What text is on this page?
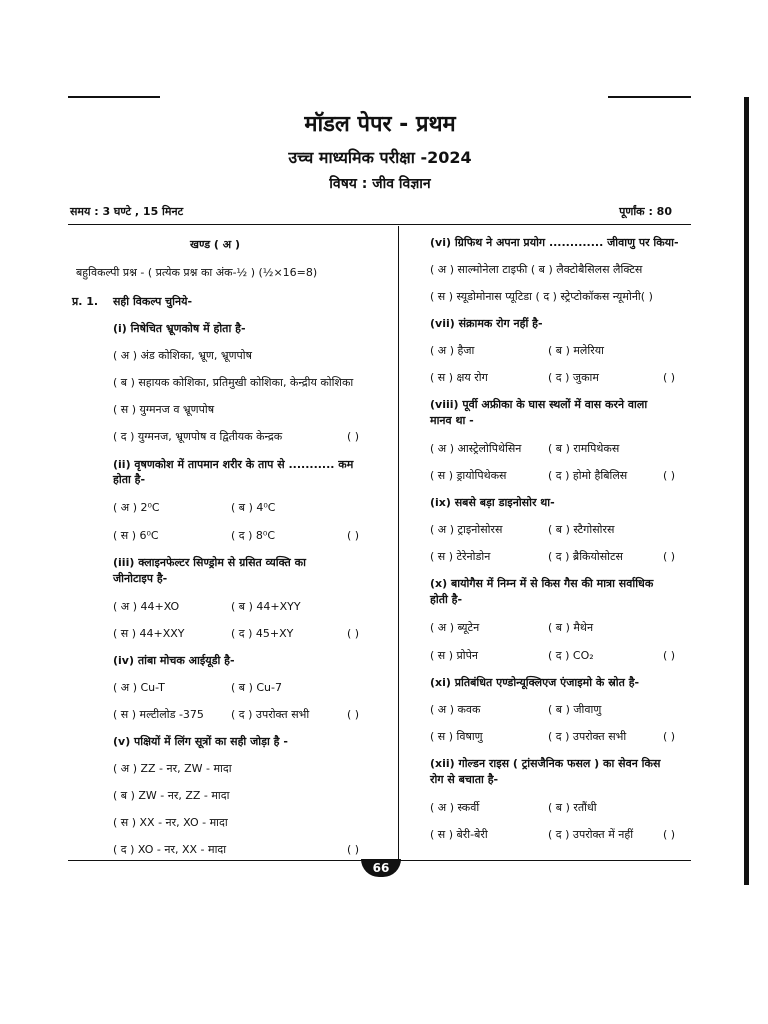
मॉडल पेपर - प्रथम
उच्च माध्यमिक परीक्षा -2024
विषय : जीव विज्ञान
समय : 3 घण्टे , 15 मिनट	पूर्णांक : 80
खण्ड ( अ )
बहुविकल्पी प्रश्न - ( प्रत्येक प्रश्न का अंक-½ ) (½×16=8)
प्र. 1. सही विकल्प चुनिये-
(i) निषेचित भ्रूणकोष में होता है-
( अ ) अंड कोशिका, भ्रूण, भ्रूणपोष
( ब ) सहायक कोशिका, प्रतिमुखी कोशिका, केन्द्रीय कोशिका
( स ) युग्मनज व भ्रूणपोष
( द ) युग्मनज, भ्रूणपोष व द्वितीयक केन्द्रक	( )
(ii) वृषणकोश में तापमान शरीर के ताप से ........... कम
होता है-
( अ ) 2⁰C	( ब ) 4⁰C
( स ) 6⁰C	( द ) 8⁰C	( )
(iii) क्लाइनफेल्टर सिण्ड्रोम से ग्रसित व्यक्ति का
जीनोटाइप है-
( अ ) 44+XO	( ब ) 44+XYY
( स ) 44+XXY	( द ) 45+XY	( )
(iv) तांबा मोचक आईयूडी है-
( अ ) Cu-T	( ब ) Cu-7
( स ) मल्टीलोड -375 ( द ) उपरोक्त सभी	( )
(v) पक्षियों में लिंग सूत्रों का सही जोड़ा है -
( अ ) ZZ - नर, ZW - मादा
( ब ) ZW - नर, ZZ - मादा
( स ) XX - नर, XO - मादा
( द ) XO - नर, XX - मादा	( )
(vi) ग्रिफिथ ने अपना प्रयोग ............. जीवाणु पर किया-
( अ ) साल्मोनेला टाइफी ( ब ) लैक्टोबैसिलस लैक्टिस
( स ) स्यूडोमोनास प्यूटिडा ( द ) स्ट्रेप्टोकॉकस न्यूमोनी( )
(vii) संक्रामक रोग नहीं है-
( अ ) हैजा	( ब ) मलेरिया
( स ) क्षय रोग	( द ) जुकाम	( )
(viii) पूर्वी अफ्रीका के घास स्थलों में वास करने वाला
मानव था -
( अ ) आस्ट्रेलोपिथेसिन ( ब ) रामपिथेकस
( स ) ड्रायोपिथेकस	( द ) होमो हैबिलिस	( )
(ix) सबसे बड़ा डाइनोसोर था-
( अ ) ट्राइनोसोरस	( ब ) स्टैगोसोरस
( स ) टेरेनोडोन	( द ) ब्रैकियोसोटस	( )
(x) बायोगैस में निम्न में से किस गैस की मात्रा सर्वाधिक
होती है-
( अ ) ब्यूटेन	( ब ) मैथेन
( स ) प्रोपेन	( द ) CO₂	( )
(xi) प्रतिबंधित एण्डोन्यूक्लिएज एंजाइमो के स्रोत है-
( अ ) कवक	( ब ) जीवाणु
( स ) विषाणु	( द ) उपरोक्त सभी	( )
(xii) गोल्डन राइस ( ट्रांसजैनिक फसल ) का सेवन किस
रोग से बचाता है-
( अ ) स्कर्वी	( ब ) रतौंधी
( स ) बेरी-बेरी	( द ) उपरोक्त में नहीं	( )
66
